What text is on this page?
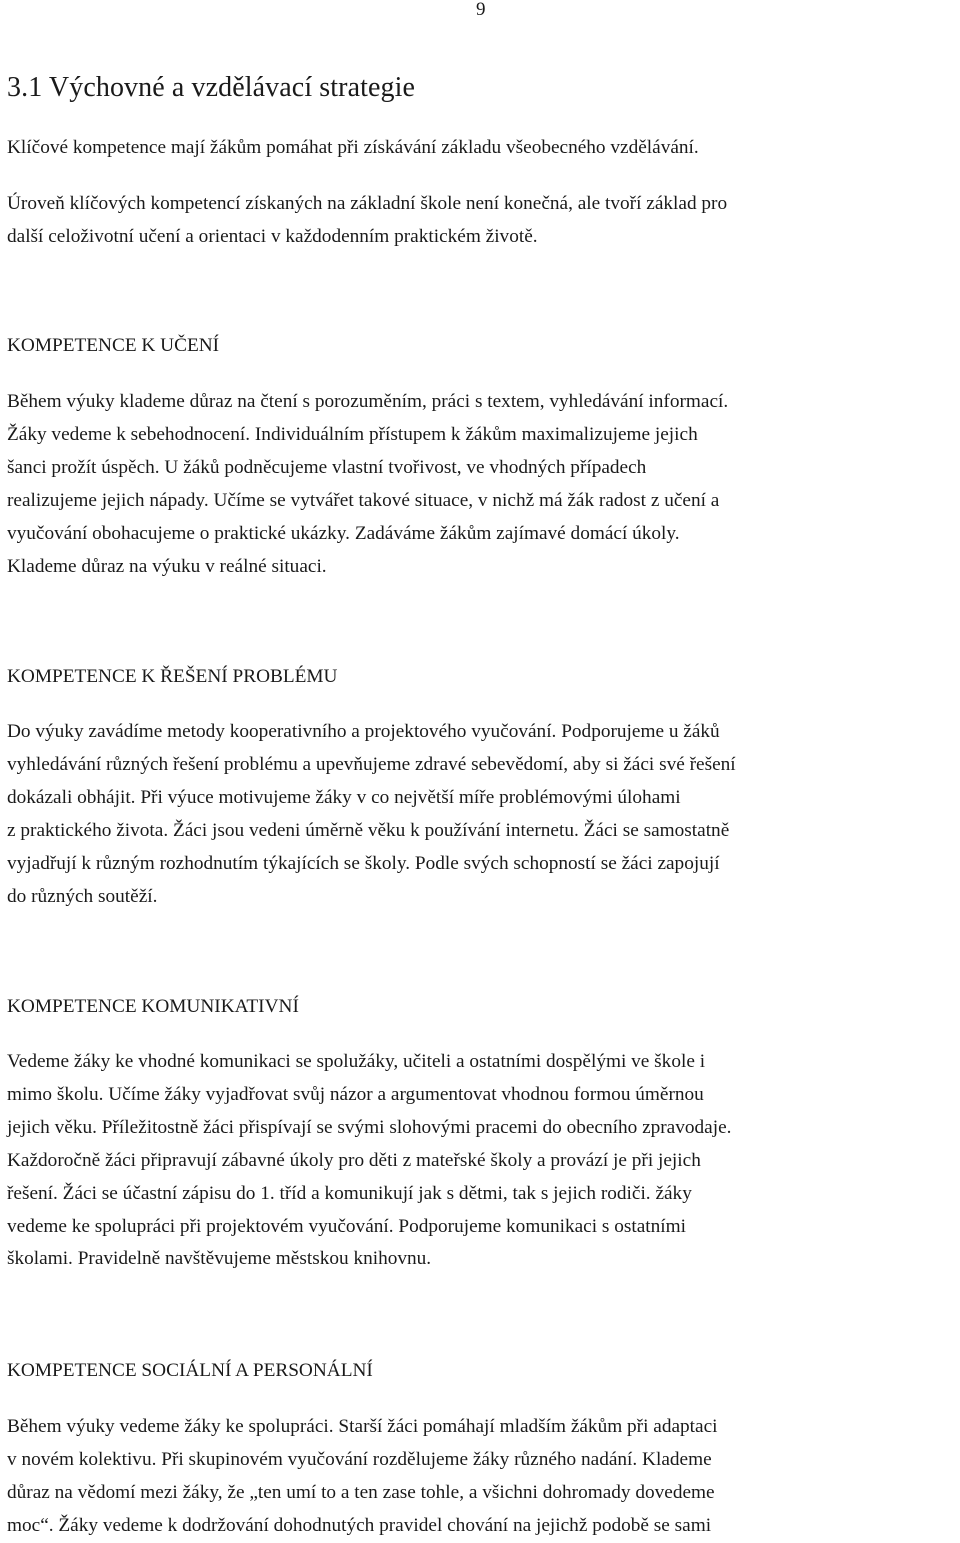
9
3.1 Výchovné a vzdělávací strategie

Klíčové kompetence mají žákům pomáhat při získávání základu všeobecného vzdělávání.

Úroveň klíčových kompetencí získaných na základní škole není konečná, ale tvoří základ pro
další celoživotní učení a orientaci v každodenním praktickém životě.

KOMPETENCE K UČENÍ

Během výuky klademe důraz na čtení s porozuměním, práci s textem, vyhledávání informací.
Žáky vedeme k sebehodnocení. Individuálním přístupem k žákům maximalizujeme jejich
šanci prožít úspěch. U žáků podněcujeme vlastní tvořivost, ve vhodných případech
realizujeme jejich nápady. Učíme se vytvářet takové situace, v nichž má žák radost z učení a
vyučování obohacujeme o praktické ukázky. Zadáváme žákům zajímavé domácí úkoly.
Klademe důraz na výuku v reálné situaci.

KOMPETENCE K ŘEŠENÍ PROBLÉMU

Do výuky zavádíme metody kooperativního a projektového vyučování. Podporujeme u žáků
vyhledávání různých řešení problému a upevňujeme zdravé sebevědomí, aby si žáci své řešení
dokázali obhájit. Při výuce motivujeme žáky v co největší míře problémovými úlohami
z praktického života. Žáci jsou vedeni úměrně věku k používání internetu. Žáci se samostatně
vyjadřují k různým rozhodnutím týkajících se školy. Podle svých schopností se žáci zapojují
do různých soutěží.

KOMPETENCE KOMUNIKATIVNÍ

Vedeme žáky ke vhodné komunikaci se spolužáky, učiteli a ostatními dospělými ve škole i
mimo školu. Učíme žáky vyjadřovat svůj názor a argumentovat vhodnou formou úměrnou
jejich věku. Příležitostně žáci přispívají se svými slohovými pracemi do obecního zpravodaje.
Každoročně žáci připravují zábavné úkoly pro děti z mateřské školy a provází je při jejich
řešení. Žáci se účastní zápisu do 1. tříd a komunikují jak s dětmi, tak s jejich rodiči. žáky
vedeme ke spolupráci při projektovém vyučování. Podporujeme komunikaci s ostatními
školami. Pravidelně navštěvujeme městskou knihovnu.

KOMPETENCE SOCIÁLNÍ A PERSONÁLNÍ

Během výuky vedeme žáky ke spolupráci. Starší žáci pomáhají mladším žákům při adaptaci
v novém kolektivu. Při skupinovém vyučování rozdělujeme žáky různého nadání. Klademe
důraz na vědomí mezi žáky, že „ten umí to a ten zase tohle, a všichni dohromady dovedeme
moc“. Žáky vedeme k dodržování dohodnutých pravidel chování na jejichž podobě se sami
